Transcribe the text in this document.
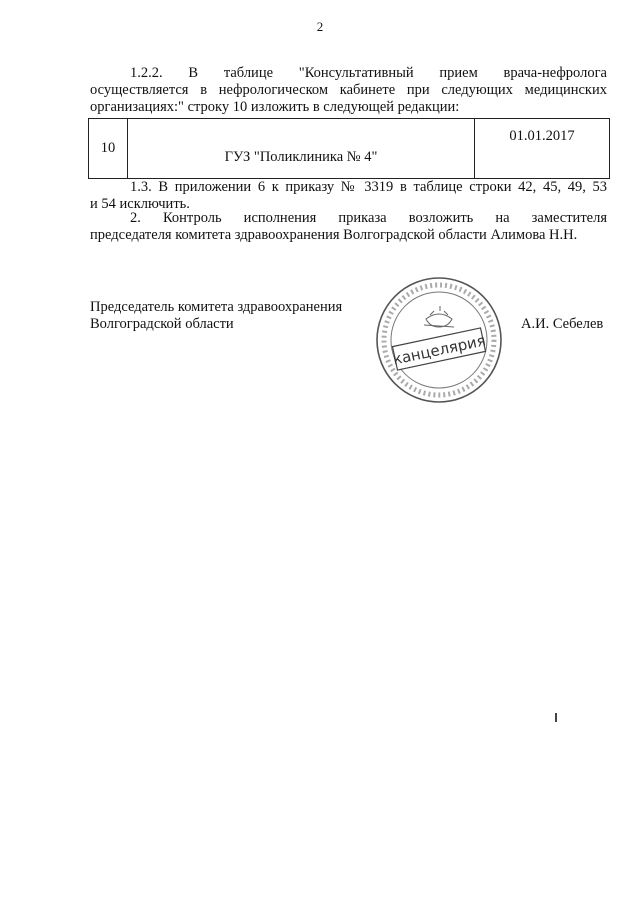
2
1.2.2. В таблице "Консультативный прием врача-нефролога
осуществляется в нефрологическом кабинете при следующих медицинских
организациях:" строку 10 изложить в следующей редакции:
10	ГУЗ "Поликлиника № 4"	01.01.2017
1.3. В приложении 6 к приказу № 3319 в таблице строки 42, 45, 49, 53
и 54 исключить.
2. Контроль исполнения приказа возложить на заместителя
председателя комитета здравоохранения Волгоградской области Алимова Н.Н.
Председатель комитета здравоохранения
Волгоградской области
канцелярия
А.И. Себелев
